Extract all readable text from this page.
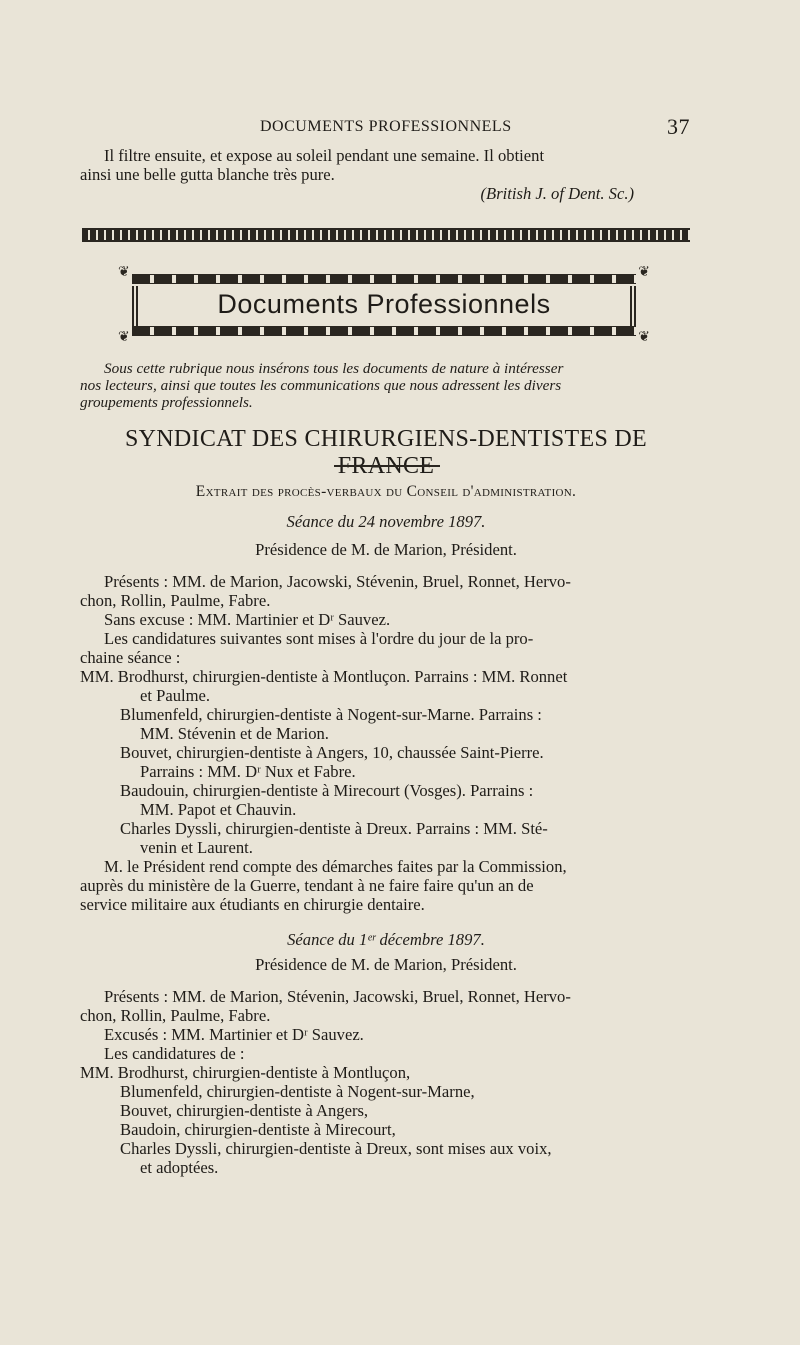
DOCUMENTS PROFESSIONNELS	37
Il filtre ensuite, et expose au soleil pendant une semaine. Il obtient
ainsi une belle gutta blanche très pure.
(British J. of Dent. Sc.)
❦	❦
❦	❦
Documents Professionnels
Sous cette rubrique nous insérons tous les documents de nature à intéresser
nos lecteurs, ainsi que toutes les communications que nous adressent les divers
groupements professionnels.
SYNDICAT DES CHIRURGIENS-DENTISTES DE FRANCE
Extrait des procès-verbaux du Conseil d'administration.
Séance du 24 novembre 1897.
Présidence de M. de Marion, Président.
Présents : MM. de Marion, Jacowski, Stévenin, Bruel, Ronnet, Hervo-
chon, Rollin, Paulme, Fabre.
Sans excuse : MM. Martinier et Dʳ Sauvez.
Les candidatures suivantes sont mises à l'ordre du jour de la pro-
chaine séance :
MM. Brodhurst, chirurgien-dentiste à Montluçon. Parrains : MM. Ronnet
et Paulme.
Blumenfeld, chirurgien-dentiste à Nogent-sur-Marne. Parrains :
MM. Stévenin et de Marion.
Bouvet, chirurgien-dentiste à Angers, 10, chaussée Saint-Pierre.
Parrains : MM. Dʳ Nux et Fabre.
Baudouin, chirurgien-dentiste à Mirecourt (Vosges). Parrains :
MM. Papot et Chauvin.
Charles Dyssli, chirurgien-dentiste à Dreux. Parrains : MM. Sté-
venin et Laurent.
M. le Président rend compte des démarches faites par la Commission,
auprès du ministère de la Guerre, tendant à ne faire faire qu'un an de
service militaire aux étudiants en chirurgie dentaire.
Séance du 1ᵉʳ décembre 1897.
Présidence de M. de Marion, Président.
Présents : MM. de Marion, Stévenin, Jacowski, Bruel, Ronnet, Hervo-
chon, Rollin, Paulme, Fabre.
Excusés : MM. Martinier et Dʳ Sauvez.
Les candidatures de :
MM. Brodhurst, chirurgien-dentiste à Montluçon,
Blumenfeld, chirurgien-dentiste à Nogent-sur-Marne,
Bouvet, chirurgien-dentiste à Angers,
Baudoin, chirurgien-dentiste à Mirecourt,
Charles Dyssli, chirurgien-dentiste à Dreux, sont mises aux voix,
et adoptées.
